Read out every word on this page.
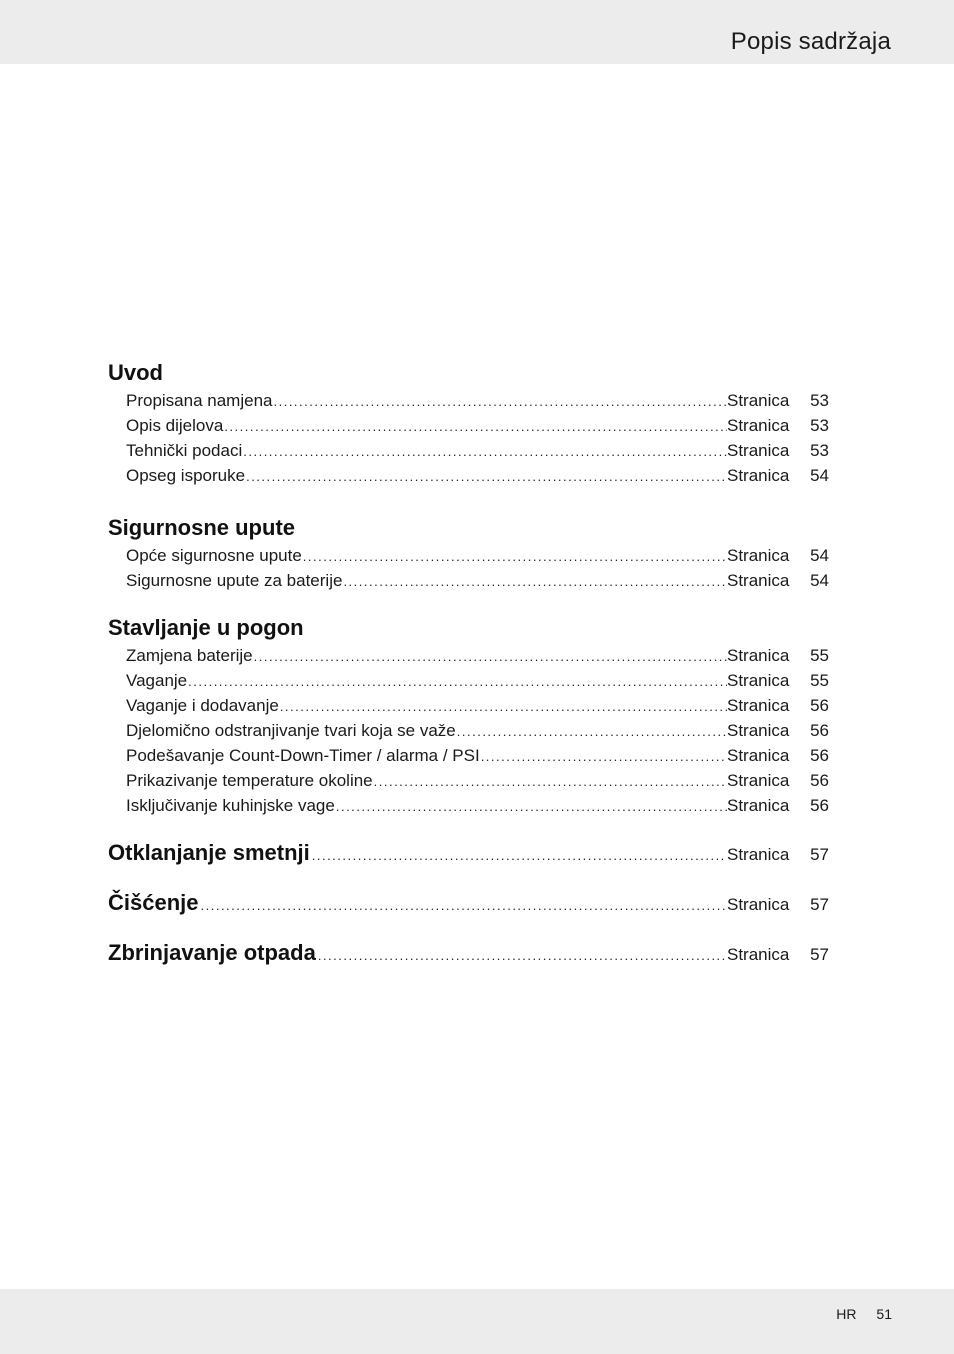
Popis sadržaja
Uvod
Propisana namjena .....	Stranica	53
Opis dijelova .....	Stranica	53
Tehnički podaci .....	Stranica	53
Opseg isporuke .....	Stranica	54
Sigurnosne upute
Opće sigurnosne upute .....	Stranica	54
Sigurnosne upute za baterije .....	Stranica	54
Stavljanje u pogon
Zamjena baterije .....	Stranica	55
Vaganje .....	Stranica	55
Vaganje i dodavanje .....	Stranica	56
Djelomično odstranjivanje tvari koja se važe .....	Stranica	56
Podešavanje Count-Down-Timer / alarma / PSI .....	Stranica	56
Prikazivanje temperature okoline .....	Stranica	56
Isključivanje kuhinjske vage .....	Stranica	56
Otklanjanje smetnji .....	Stranica	57
Čišćenje .....	Stranica	57
Zbrinjavanje otpada .....	Stranica	57
HR 51
